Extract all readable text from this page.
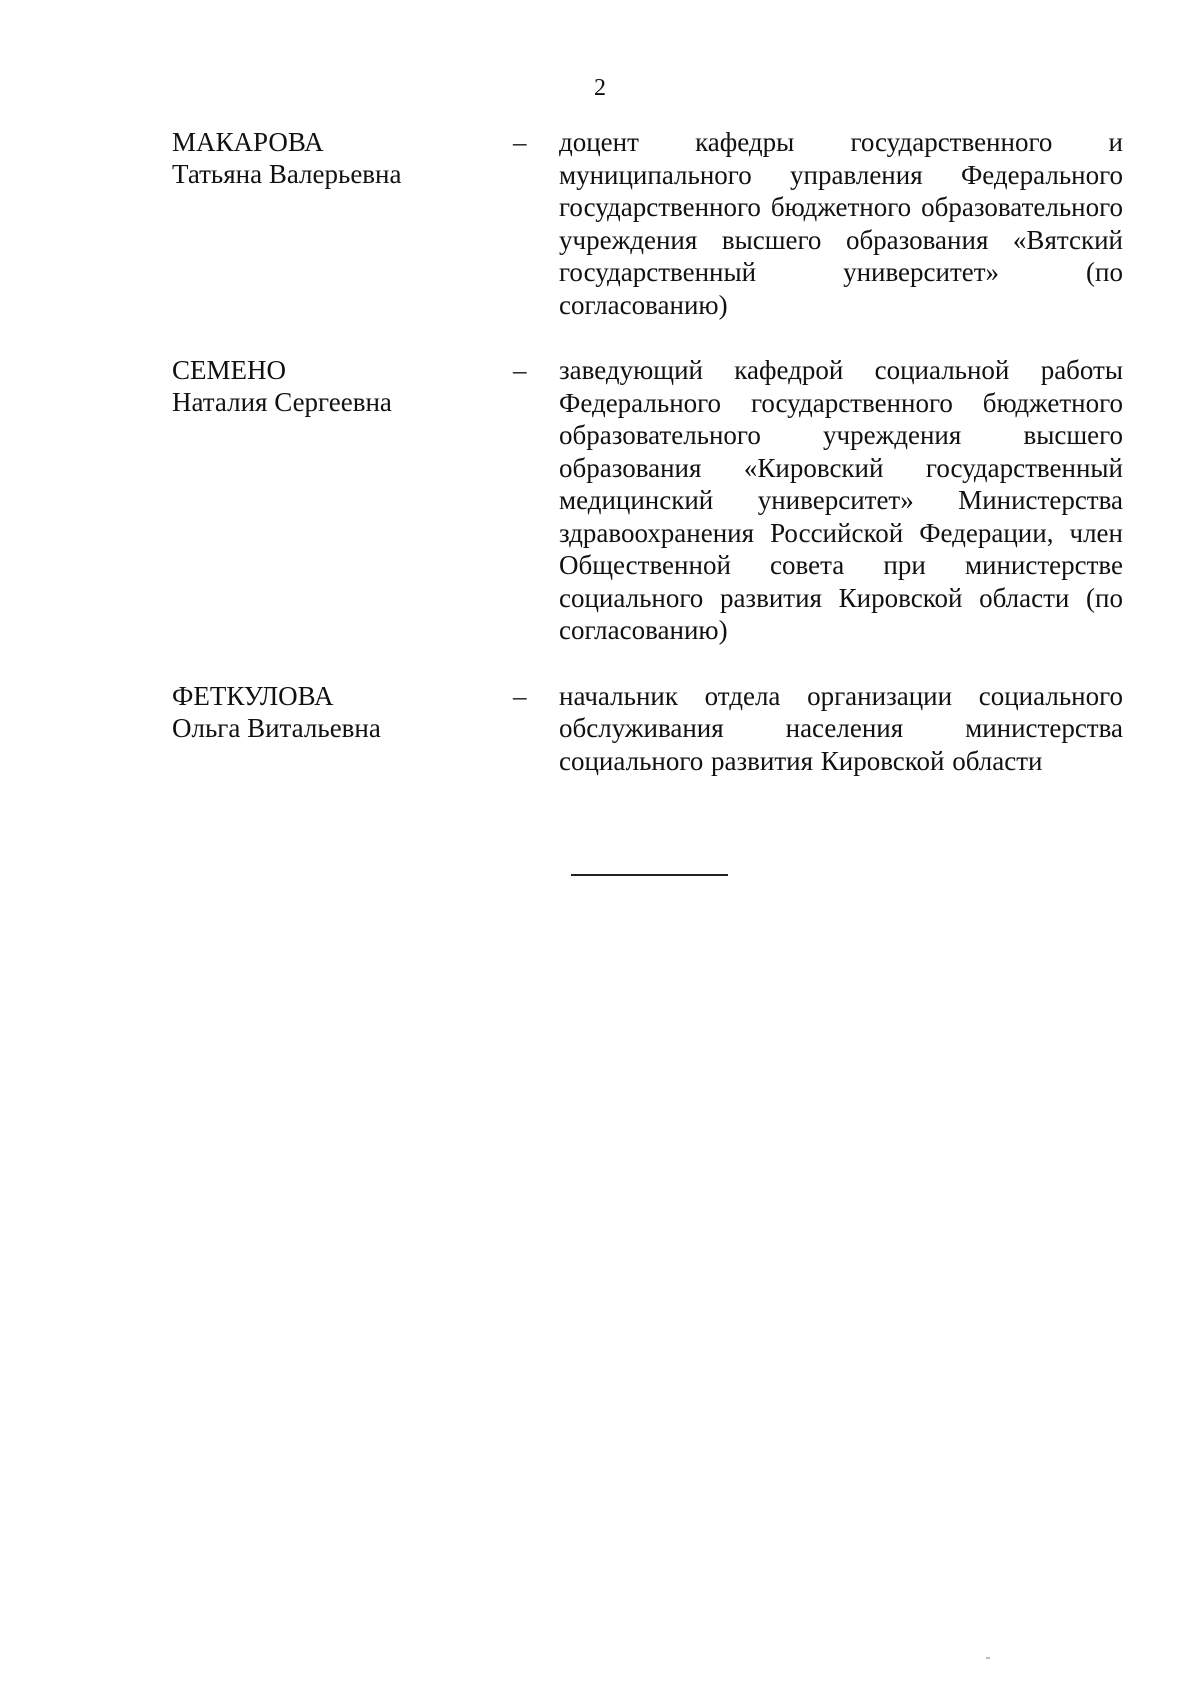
2
МАКАРОВА
Татьяна Валерьевна
–	доцент кафедры государственного и муниципального управления Федерального государственного бюджетного образовательного учреждения высшего образования «Вятский государственный университет» (по согласованию)
СЕМЕНО
Наталия Сергеевна
–	заведующий кафедрой социальной работы Федерального государственного бюджетного образовательного учреждения высшего образования «Кировский государственный медицинский университет» Министерства здравоохранения Российской Федерации, член Общественной совета при министерстве социального развития Кировской области (по согласованию)
ФЕТКУЛОВА
Ольга Витальевна
–	начальник отдела организации социального обслуживания населения министерства социального развития Кировской области
